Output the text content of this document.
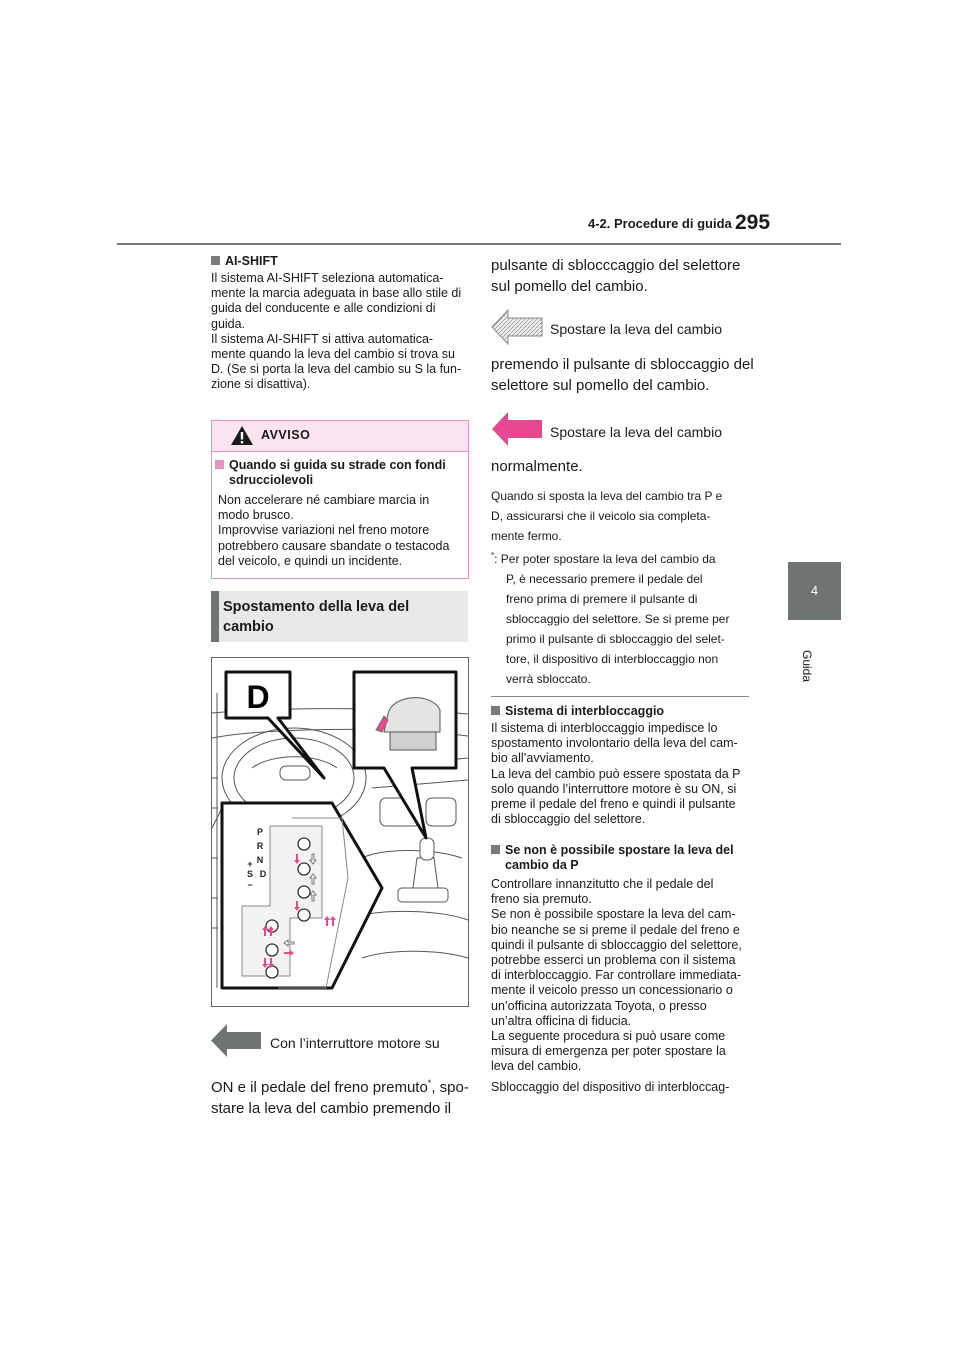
4-2. Procedure di guida 295
4
Guida
AI-SHIFT
Il sistema AI-SHIFT seleziona automatica-
mente la marcia adeguata in base allo stile di
guida del conducente e alle condizioni di
guida.
Il sistema AI-SHIFT si attiva automatica-
mente quando la leva del cambio si trova su
D. (Se si porta la leva del cambio su S la fun-
zione si disattiva).
AVVISO
Quando si guida su strade con fondi
sdrucciolevoli
Non accelerare né cambiare marcia in
modo brusco.
Improvvise variazioni nel freno motore
potrebbero causare sbandate o testacoda
del veicolo, e quindi un incidente.
Spostamento della leva del
cambio
D
P
R
N
D
S
+
−
Con l’interruttore motore su
ON e il pedale del freno premuto*, spo-
stare la leva del cambio premendo il
pulsante di sblocccaggio del selettore
sul pomello del cambio.
Spostare la leva del cambio
premendo il pulsante di sbloccaggio del
selettore sul pomello del cambio.
Spostare la leva del cambio
normalmente.
Quando si sposta la leva del cambio tra P e
D, assicurarsi che il veicolo sia completa-
mente fermo.
*: Per poter spostare la leva del cambio da
P, è necessario premere il pedale del
freno prima di premere il pulsante di
sbloccaggio del selettore. Se si preme per
primo il pulsante di sbloccaggio del selet-
tore, il dispositivo di interbloccaggio non
verrà sbloccato.
Sistema di interbloccaggio
Il sistema di interbloccaggio impedisce lo
spostamento involontario della leva del cam-
bio all’avviamento.
La leva del cambio può essere spostata da P
solo quando l’interruttore motore è su ON, si
preme il pedale del freno e quindi il pulsante
di sbloccaggio del selettore.
Se non è possibile spostare la leva del
cambio da P
Controllare innanzitutto che il pedale del
freno sia premuto.
Se non è possibile spostare la leva del cam-
bio neanche se si preme il pedale del freno e
quindi il pulsante di sbloccaggio del selettore,
potrebbe esserci un problema con il sistema
di interbloccaggio. Far controllare immediata-
mente il veicolo presso un concessionario o
un’officina autorizzata Toyota, o presso
un’altra officina di fiducia.
La seguente procedura si può usare come
misura di emergenza per poter spostare la
leva del cambio.
Sbloccaggio del dispositivo di interbloccag-
